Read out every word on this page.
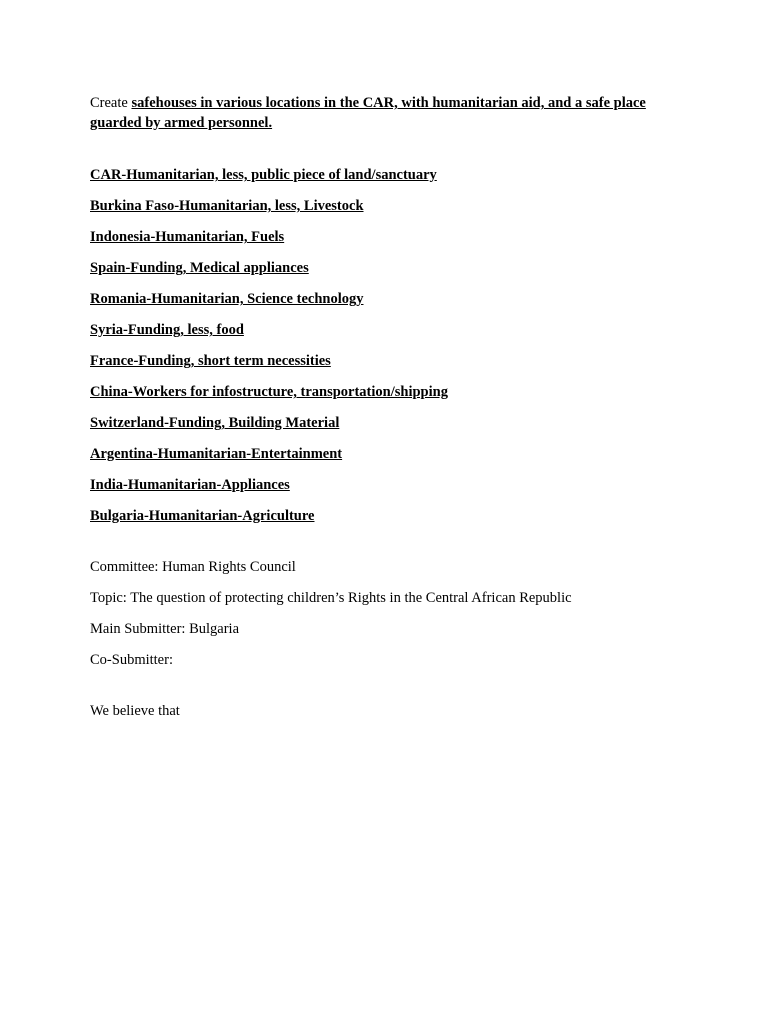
Create safehouses in various locations in the CAR, with humanitarian aid, and a safe place guarded by armed personnel.

CAR-Humanitarian, less, public piece of land/sanctuary
Burkina Faso-Humanitarian, less, Livestock
Indonesia-Humanitarian, Fuels
Spain-Funding, Medical appliances
Romania-Humanitarian, Science technology
Syria-Funding, less, food
France-Funding, short term necessities
China-Workers for infostructure, transportation/shipping
Switzerland-Funding, Building Material
Argentina-Humanitarian-Entertainment
India-Humanitarian-Appliances
Bulgaria-Humanitarian-Agriculture
Committee: Human Rights Council
Topic: The question of protecting children’s Rights in the Central African Republic
Main Submitter: Bulgaria
Co-Submitter:
We believe that
